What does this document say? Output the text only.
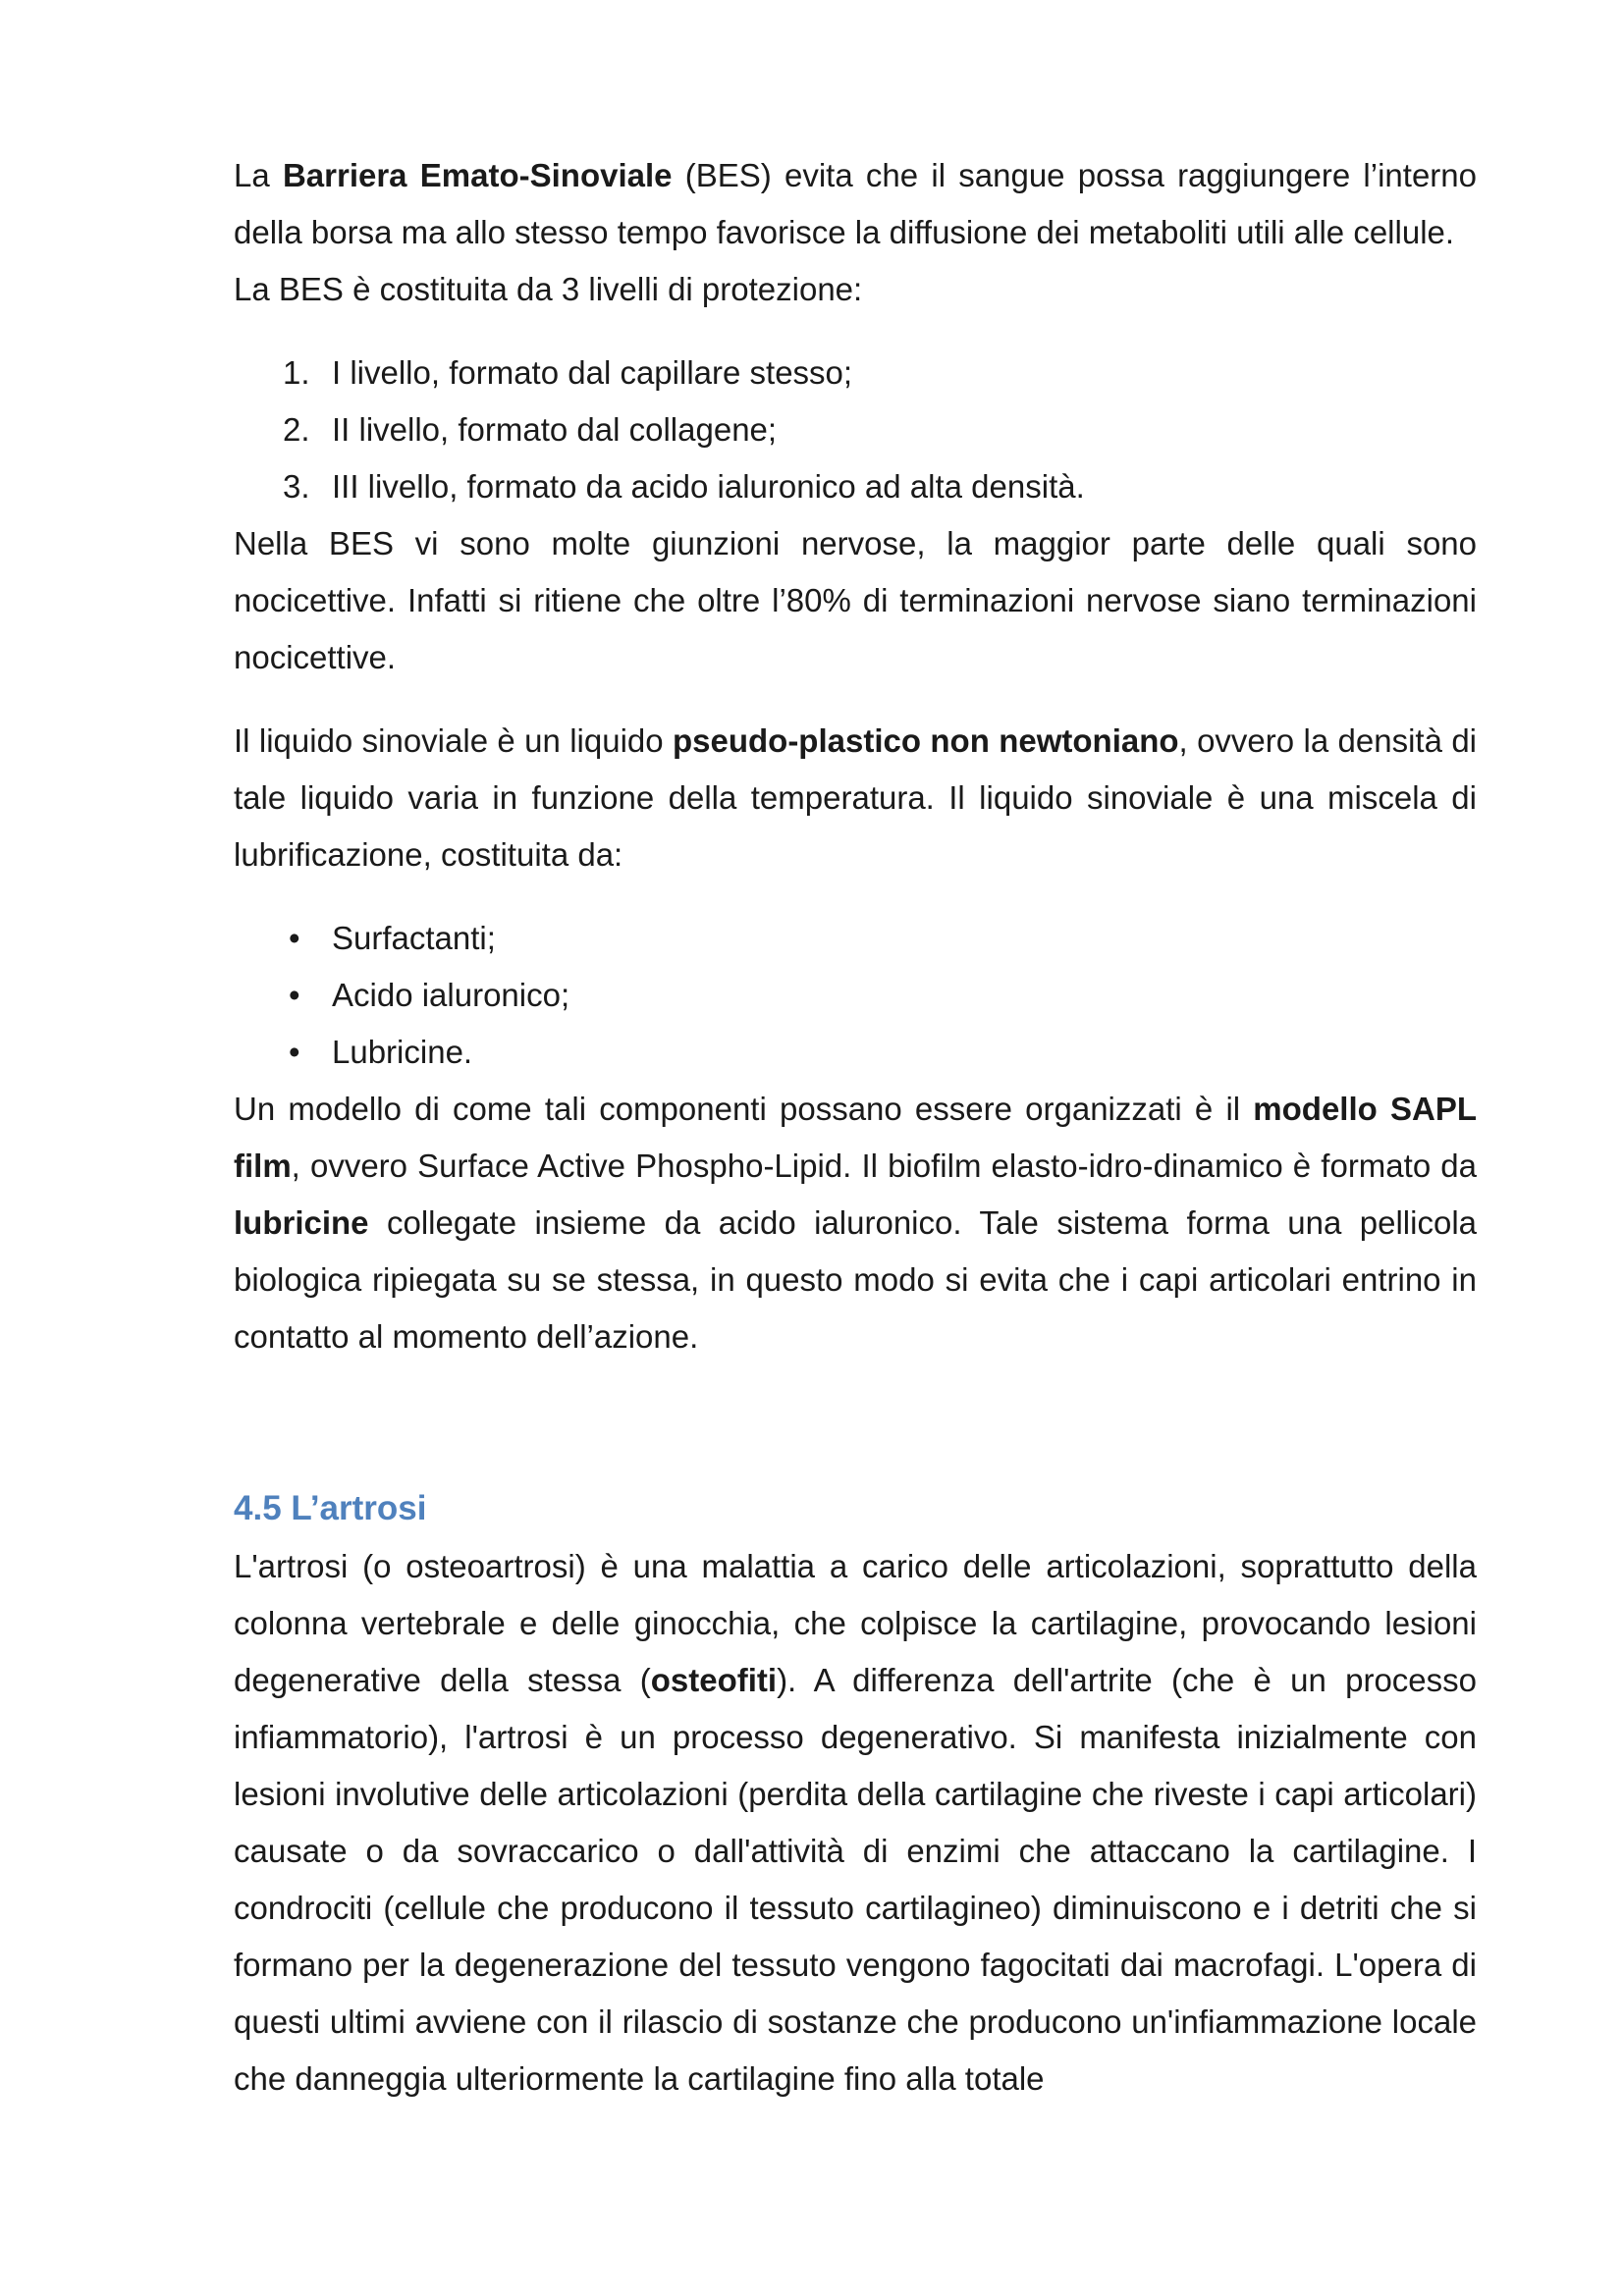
La Barriera Emato-Sinoviale (BES) evita che il sangue possa raggiungere l’interno della borsa ma allo stesso tempo favorisce la diffusione dei metaboliti utili alle cellule.

La BES è costituita da 3 livelli di protezione:

1. I livello, formato dal capillare stesso;
2. II livello, formato dal collagene;
3. III livello, formato da acido ialuronico ad alta densità.

Nella BES vi sono molte giunzioni nervose, la maggior parte delle quali sono nocicettive. Infatti si ritiene che oltre l’80% di terminazioni nervose siano terminazioni nocicettive.

Il liquido sinoviale è un liquido pseudo-plastico non newtoniano, ovvero la densità di tale liquido varia in funzione della temperatura. Il liquido sinoviale è una miscela di lubrificazione, costituita da:

• Surfactanti;
• Acido ialuronico;
• Lubricine.

Un modello di come tali componenti possano essere organizzati è il modello SAPL film, ovvero Surface Active Phospho-Lipid. Il biofilm elasto-idro-dinamico è formato da lubricine collegate insieme da acido ialuronico. Tale sistema forma una pellicola biologica ripiegata su se stessa, in questo modo si evita che i capi articolari entrino in contatto al momento dell’azione.

4.5 L’artrosi

L'artrosi (o osteoartrosi) è una malattia a carico delle articolazioni, soprattutto della colonna vertebrale e delle ginocchia, che colpisce la cartilagine, provocando lesioni degenerative della stessa (osteofiti). A differenza dell'artrite (che è un processo infiammatorio), l'artrosi è un processo degenerativo. Si manifesta inizialmente con lesioni involutive delle articolazioni (perdita della cartilagine che riveste i capi articolari) causate o da sovraccarico o dall'attività di enzimi che attaccano la cartilagine. I condrociti (cellule che producono il tessuto cartilagineo) diminuiscono e i detriti che si formano per la degenerazione del tessuto vengono fagocitati dai macrofagi. L'opera di questi ultimi avviene con il rilascio di sostanze che producono un'infiammazione locale che danneggia ulteriormente la cartilagine fino alla totale
